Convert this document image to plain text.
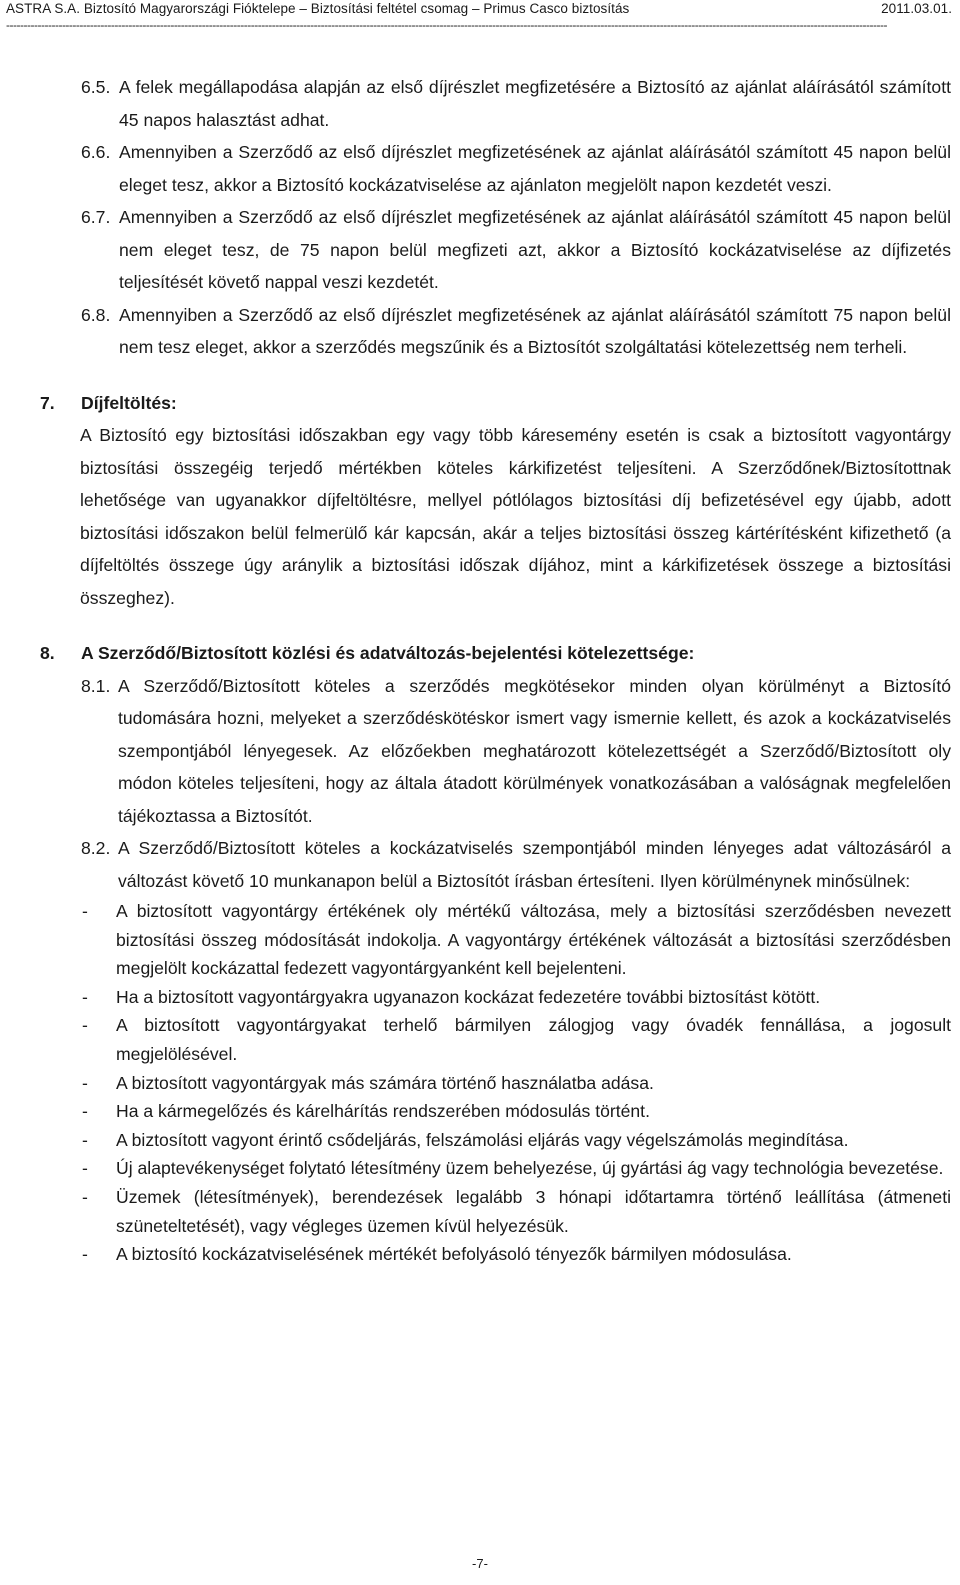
ASTRA S.A. Biztosító Magyarországi Fióktelepe – Biztosítási feltétel csomag – Primus Casco biztosítás	2011.03.01.
------------------------------------------------------------------------------------------------------------------------------------------------------------------------------------------------------------------------------------------------------------
6.5. A felek megállapodása alapján az első díjrészlet megfizetésére a Biztosító az ajánlat aláírásától számított 45 napos halasztást adhat.
6.6. Amennyiben a Szerződő az első díjrészlet megfizetésének az ajánlat aláírásától számított 45 napon belül eleget tesz, akkor a Biztosító kockázatviselése az ajánlaton megjelölt napon kezdetét veszi.
6.7. Amennyiben a Szerződő az első díjrészlet megfizetésének az ajánlat aláírásától számított 45 napon belül nem eleget tesz, de 75 napon belül megfizeti azt, akkor a Biztosító kockázatviselése az díjfizetés teljesítését követő nappal veszi kezdetét.
6.8. Amennyiben a Szerződő az első díjrészlet megfizetésének az ajánlat aláírásától számított 75 napon belül nem tesz eleget, akkor a szerződés megszűnik és a Biztosítót szolgáltatási kötelezettség nem terheli.
7. Díjfeltöltés:
A Biztosító egy biztosítási időszakban egy vagy több káresemény esetén is csak a biztosított vagyontárgy biztosítási összegéig terjedő mértékben köteles kárkifizetést teljesíteni. A Szerződőnek/Biztosítottnak lehetősége van ugyanakkor díjfeltöltésre, mellyel pótlólagos biztosítási díj befizetésével egy újabb, adott biztosítási időszakon belül felmerülő kár kapcsán, akár a teljes biztosítási összeg kártérítésként kifizethető (a díjfeltöltés összege úgy aránylik a biztosítási időszak díjához, mint a kárkifizetések összege a biztosítási összeghez).
8. A Szerződő/Biztosított közlési és adatváltozás-bejelentési kötelezettsége:
8.1. A Szerződő/Biztosított köteles a szerződés megkötésekor minden olyan körülményt a Biztosító tudomására hozni, melyeket a szerződéskötéskor ismert vagy ismernie kellett, és azok a kockázatviselés szempontjából lényegesek. Az előzőekben meghatározott kötelezettségét a Szerződő/Biztosított oly módon köteles teljesíteni, hogy az általa átadott körülmények vonatkozásában a valóságnak megfelelően tájékoztassa a Biztosítót.
8.2. A Szerződő/Biztosított köteles a kockázatviselés szempontjából minden lényeges adat változásáról a változást követő 10 munkanapon belül a Biztosítót írásban értesíteni. Ilyen körülménynek minősülnek:
- A biztosított vagyontárgy értékének oly mértékű változása, mely a biztosítási szerződésben nevezett biztosítási összeg módosítását indokolja. A vagyontárgy értékének változását a biztosítási szerződésben megjelölt kockázattal fedezett vagyontárgyanként kell bejelenteni.
- Ha a biztosított vagyontárgyakra ugyanazon kockázat fedezetére további biztosítást kötött.
- A biztosított vagyontárgyakat terhelő bármilyen zálogjog vagy óvadék fennállása, a jogosult megjelölésével.
- A biztosított vagyontárgyak más számára történő használatba adása.
- Ha a kármegelőzés és kárelhárítás rendszerében módosulás történt.
- A biztosított vagyont érintő csődeljárás, felszámolási eljárás vagy végelszámolás megindítása.
- Új alaptevékenységet folytató létesítmény üzem behelyezése, új gyártási ág vagy technológia bevezetése.
- Üzemek (létesítmények), berendezések legalább 3 hónapi időtartamra történő leállítása (átmeneti szüneteltetését), vagy végleges üzemen kívül helyezésük.
- A biztosító kockázatviselésének mértékét befolyásoló tényezők bármilyen módosulása.
-7-
